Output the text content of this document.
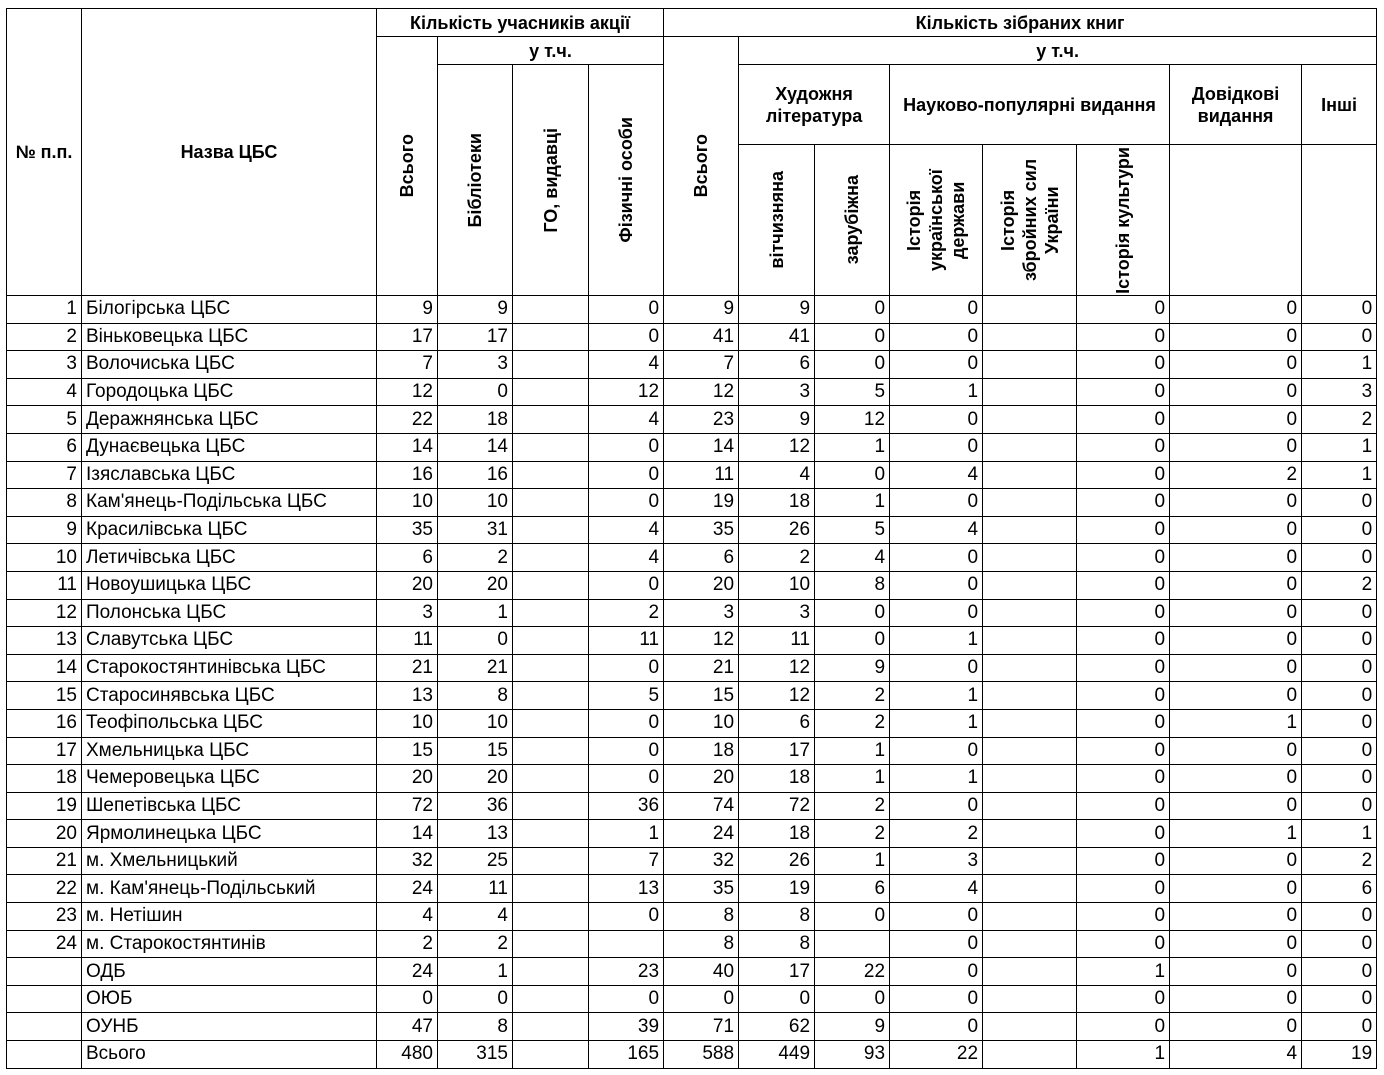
№ п.п.	Назва ЦБС	Кількість учасників акції				Кількість зібраних книг							

		Всього	у т.ч.			Всього	у т.ч.						

			Бібліотеки	ГО, видавці	Фізичні особи		Художня література		Науково-популярні видання			Довідкові видання	Інші

							вітчизняна	зарубіжна	Історія української держави	Історія збройних сил України	Історія культури		

1	Білогірська ЦБС	9	9		0	9	9	0	0		0	0	0
2	Віньковецька ЦБС	17	17		0	41	41	0	0		0	0	0
3	Волочиська ЦБС	7	3		4	7	6	0	0		0	0	1
4	Городоцька ЦБС	12	0		12	12	3	5	1		0	0	3
5	Деражнянська ЦБС	22	18		4	23	9	12	0		0	0	2
6	Дунаєвецька ЦБС	14	14		0	14	12	1	0		0	0	1
7	Ізяславська ЦБС	16	16		0	11	4	0	4		0	2	1
8	Кам'янець-Подільська ЦБС	10	10		0	19	18	1	0		0	0	0
9	Красилівська ЦБС	35	31		4	35	26	5	4		0	0	0
10	Летичівська ЦБС	6	2		4	6	2	4	0		0	0	0
11	Новоушицька ЦБС	20	20		0	20	10	8	0		0	0	2
12	Полонська ЦБС	3	1		2	3	3	0	0		0	0	0
13	Славутська ЦБС	11	0		11	12	11	0	1		0	0	0
14	Старокостянтинівська ЦБС	21	21		0	21	12	9	0		0	0	0
15	Старосинявська ЦБС	13	8		5	15	12	2	1		0	0	0
16	Теофіпольська ЦБС	10	10		0	10	6	2	1		0	1	0
17	Хмельницька ЦБС	15	15		0	18	17	1	0		0	0	0
18	Чемеровецька ЦБС	20	20		0	20	18	1	1		0	0	0
19	Шепетівська ЦБС	72	36		36	74	72	2	0		0	0	0
20	Ярмолинецька ЦБС	14	13		1	24	18	2	2		0	1	1
21	м. Хмельницький	32	25		7	32	26	1	3		0	0	2
22	м. Кам'янець-Подільський	24	11		13	35	19	6	4		0	0	6
23	м. Нетішин	4	4		0	8	8	0	0		0	0	0
24	м. Старокостянтинів	2	2			8	8		0		0	0	0
	ОДБ	24	1		23	40	17	22	0		1	0	0
	ОЮБ	0	0		0	0	0	0	0		0	0	0
	ОУНБ	47	8		39	71	62	9	0		0	0	0
	Всього	480	315		165	588	449	93	22		1	4	19
